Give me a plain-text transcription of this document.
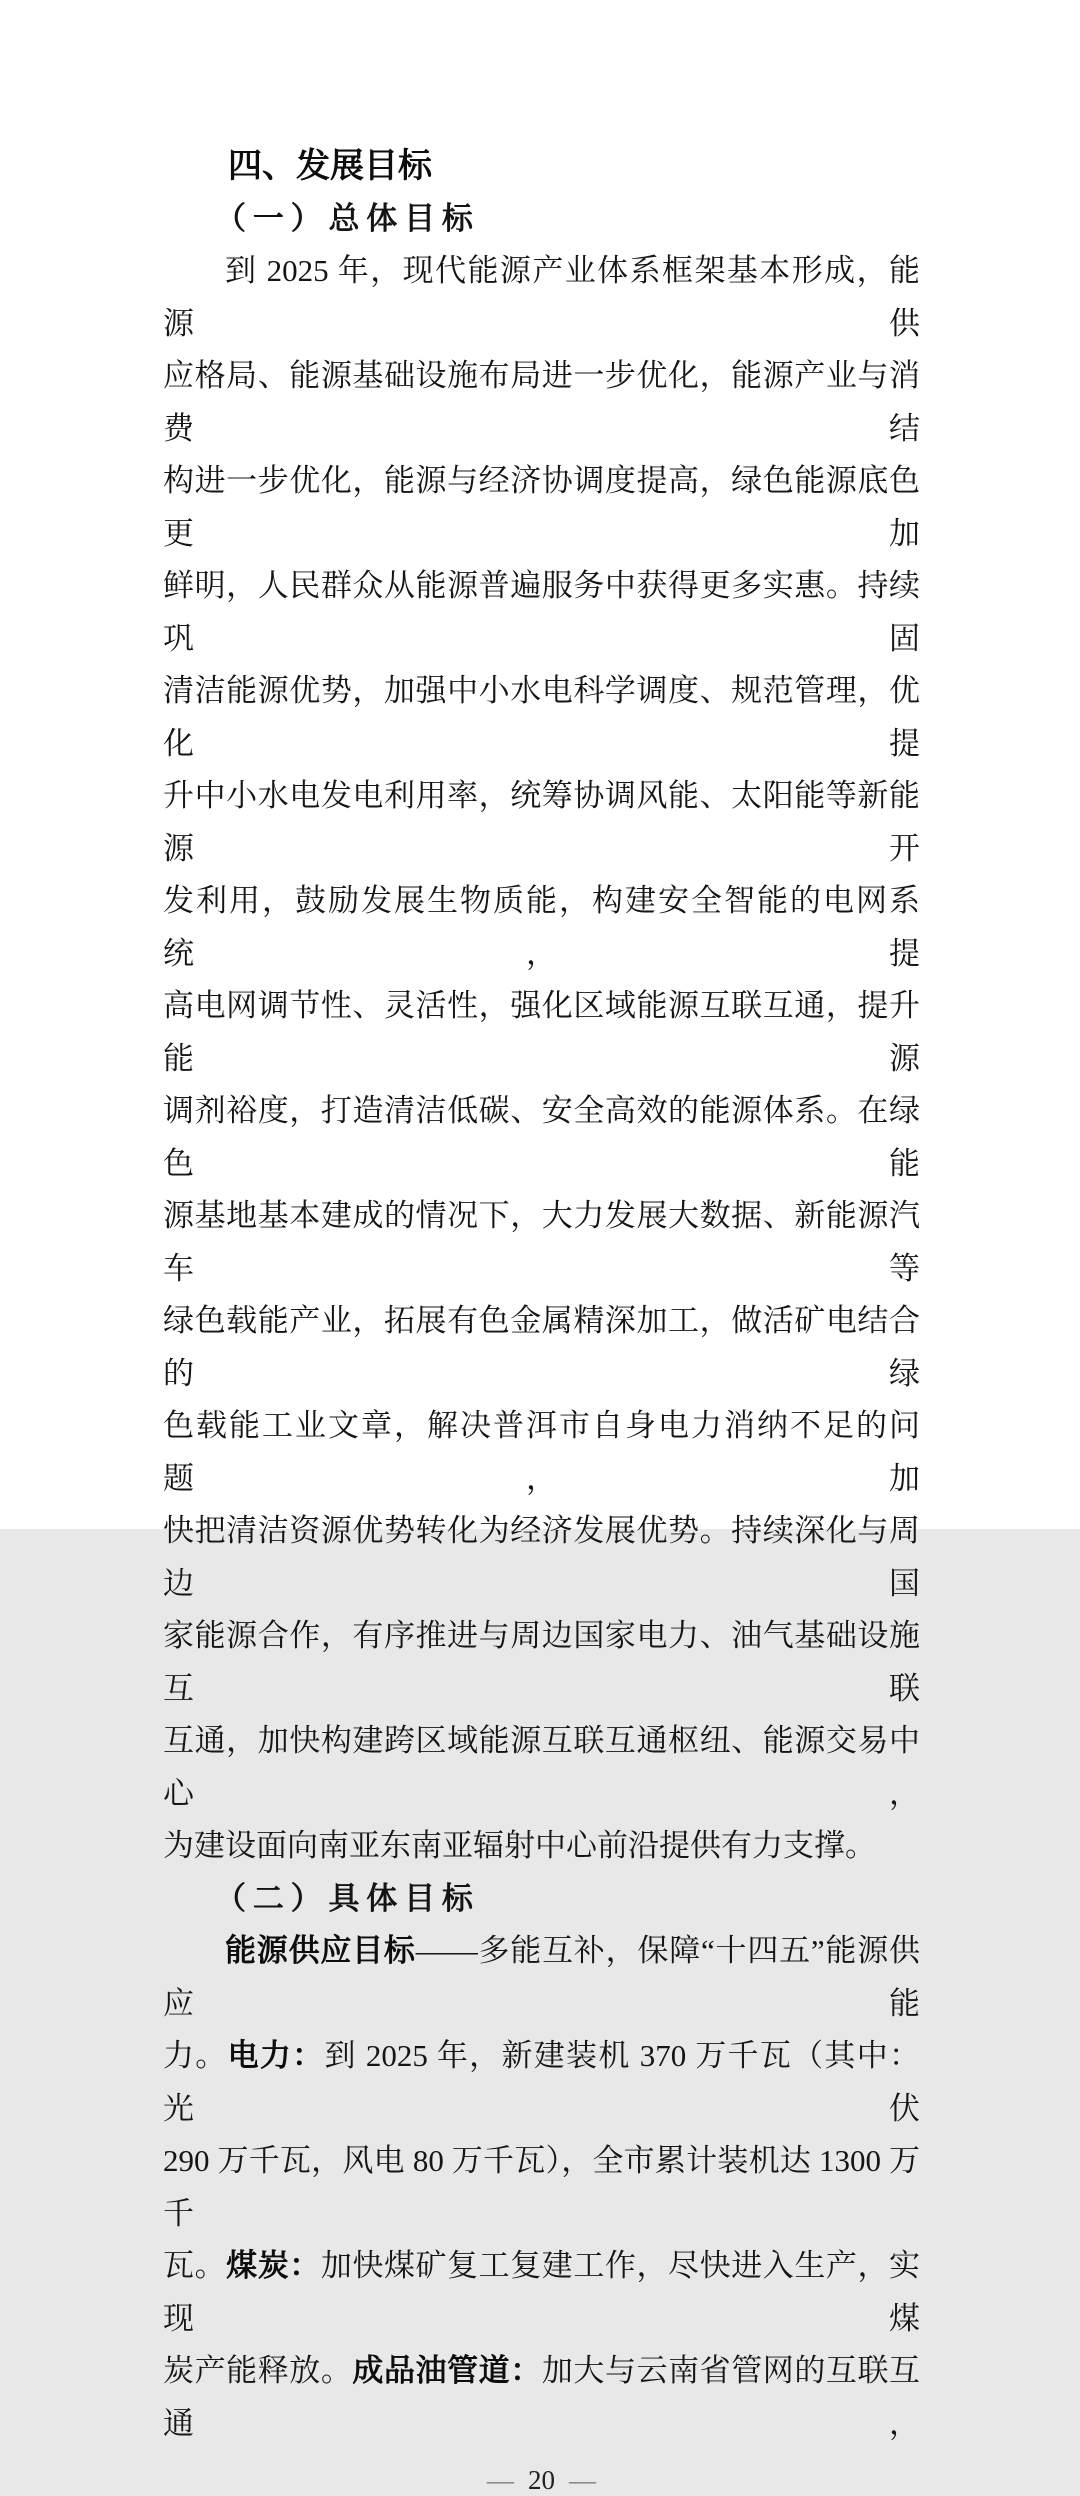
四、发展目标
（一）总体目标
到 2025 年，现代能源产业体系框架基本形成，能源供
应格局、能源基础设施布局进一步优化，能源产业与消费结
构进一步优化，能源与经济协调度提高，绿色能源底色更加
鲜明，人民群众从能源普遍服务中获得更多实惠。持续巩固
清洁能源优势，加强中小水电科学调度、规范管理，优化提
升中小水电发电利用率，统筹协调风能、太阳能等新能源开
发利用，鼓励发展生物质能，构建安全智能的电网系统，提
高电网调节性、灵活性，强化区域能源互联互通，提升能源
调剂裕度，打造清洁低碳、安全高效的能源体系。在绿色能
源基地基本建成的情况下，大力发展大数据、新能源汽车等
绿色载能产业，拓展有色金属精深加工，做活矿电结合的绿
色载能工业文章，解决普洱市自身电力消纳不足的问题，加
快把清洁资源优势转化为经济发展优势。持续深化与周边国
家能源合作，有序推进与周边国家电力、油气基础设施互联
互通，加快构建跨区域能源互联互通枢纽、能源交易中心，
为建设面向南亚东南亚辐射中心前沿提供有力支撑。
（二）具体目标
能源供应目标——多能互补，保障“十四五”能源供应能
力。电力：到 2025 年，新建装机 370 万千瓦（其中：光伏
290 万千瓦，风电 80 万千瓦），全市累计装机达 1300 万千
瓦。煤炭：加快煤矿复工复建工作，尽快进入生产，实现煤
炭产能释放。成品油管道：加大与云南省管网的互联互通，
— 20 —
